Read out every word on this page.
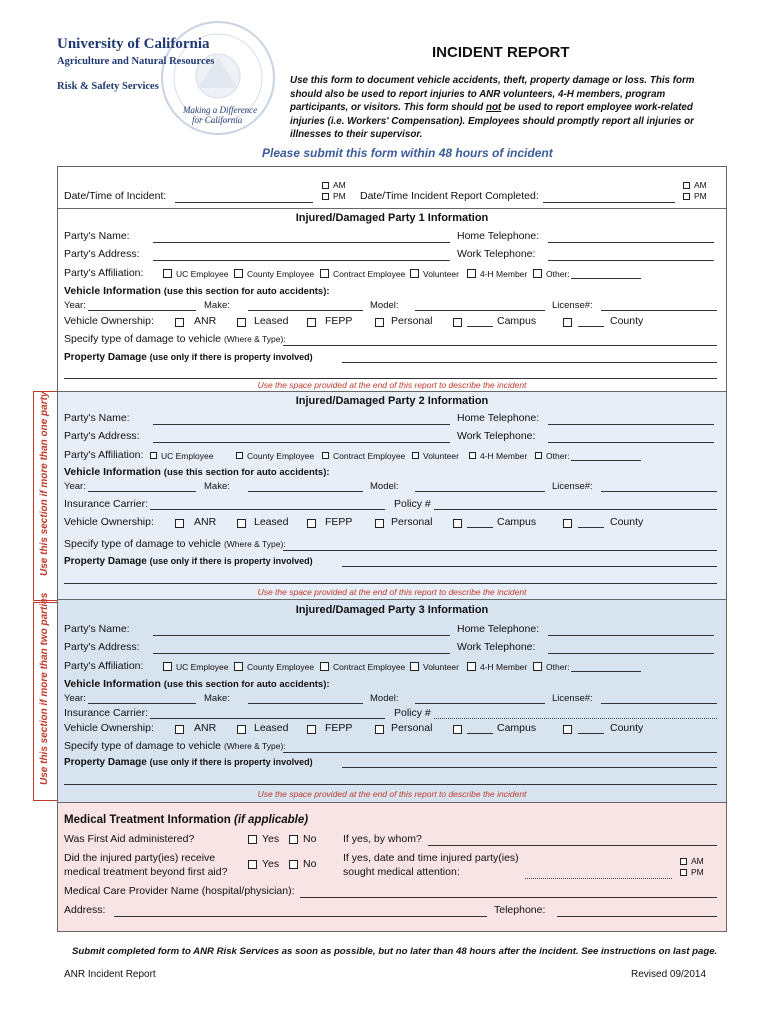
University of California
Agriculture and Natural Resources
Risk & Safety Services
Making a Difference
for California
INCIDENT REPORT
Use this form to document vehicle accidents, theft, property damage or loss. This form
should also be used to report injuries to ANR volunteers, 4-H members, program
participants, or visitors. This form should not be used to report employee work-related
injuries (i.e. Workers' Compensation). Employees should promptly report all injuries or
illnesses to their supervisor.
Please submit this form within 48 hours of incident
AM
PM
Date/Time of Incident:	Date/Time Incident Report Completed:
AM
PM
Injured/Damaged Party 1 Information
Use the space provided at the end of this report to describe the incident
Party's Name:	Home Telephone:
Party's Address:	Work Telephone:
Party's Affiliation:	UC Employee County Employee Contract Employee Volunteer 4-H Member Other:
Vehicle Information (use this section for auto accidents):
Year:	Make:	Model:	License#:
Vehicle Ownership:	ANR	Leased	FEPP	Personal	Campus	County
Specify type of damage to vehicle (Where & Type):
Property Damage (use only if there is property involved)
Injured/Damaged Party 2 Information
Use the space provided at the end of this report to describe the incident
Use this section if more than one party Party's Name:	Home Telephone:
Party's Address:	Work Telephone:
Party's Affiliation: UC Employee	County Employee Contract Employee Volunteer 4-H Member Other:
Vehicle Information (use this section for auto accidents):
Year:	Make:	Model:	License#:
Insurance Carrier:	Policy #
Vehicle Ownership:	ANR	Leased	FEPP	Personal	Campus	County
Specify type of damage to vehicle (Where & Type):
Property Damage (use only if there is property involved)
Injured/Damaged Party 3 Information
Use the space provided at the end of this report to describe the incident
Use this section if more than two parties Party's Name:	Home Telephone:
Party's Address:	Work Telephone:
Party's Affiliation:	UC Employee County Employee Contract Employee Volunteer 4-H Member Other:
Vehicle Information (use this section for auto accidents):
Year:	Make:	Model:	License#:
Insurance Carrier:	Policy #
Vehicle Ownership:	ANR	Leased	FEPP	Personal	Campus	County
Specify type of damage to vehicle (Where & Type):
Property Damage (use only if there is property involved)
Medical Treatment Information (if applicable)
Was First Aid administered?	Yes No	If yes, by whom?
Did the injured party(ies) receive
medical treatment beyond first aid?
Yes No	If yes, date and time injured party(ies)
sought medical attention:
AM
PM
Medical Care Provider Name (hospital/physician):
Address:	Telephone:
Submit completed form to ANR Risk Services as soon as possible, but no later than 48 hours after the incident. See instructions on last page.
ANR Incident Report	Revised 09/2014
